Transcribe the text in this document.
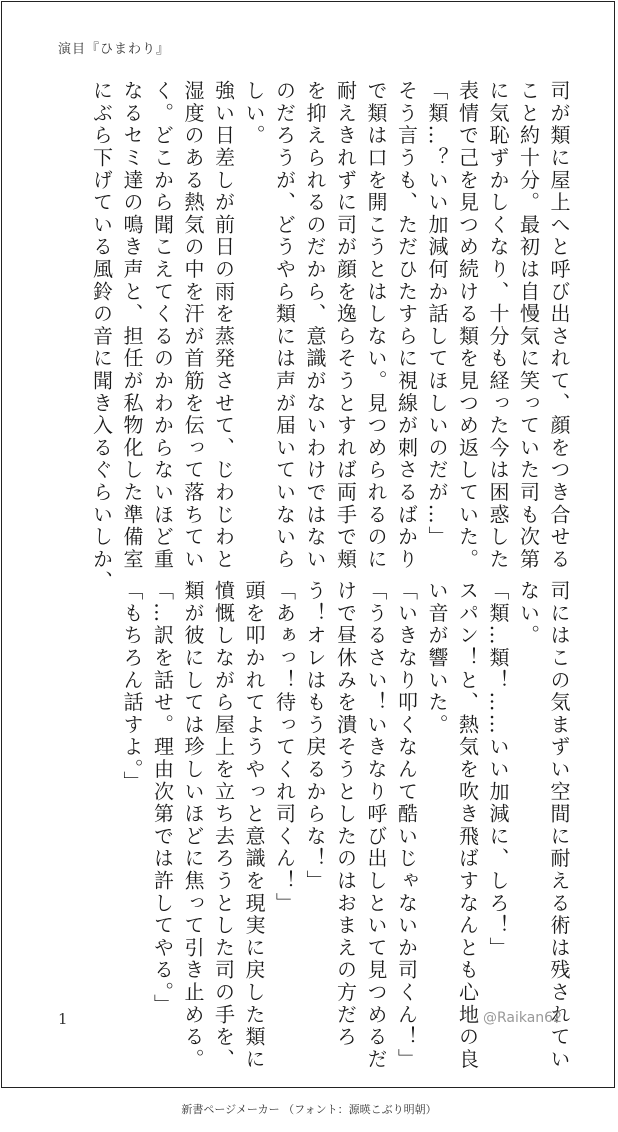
演目『ひまわり』

司が類に屋上へと呼び出されて、顔をつき合せる

こと約十分。最初は自慢気に笑っていた司も次第

に気恥ずかしくなり、十分も経った今は困惑した

表情で己を見つめ続ける類を見つめ返していた。

「類…？いい加減何か話してほしいのだが…」

そう言うも、ただひたすらに視線が刺さるばかり

で類は口を開こうとはしない。見つめられるのに

耐えきれずに司が顔を逸らそうとすれば両手で頬

を抑えられるのだから、意識がないわけではない

のだろうが、どうやら類には声が届いていないら

しい。

強い日差しが前日の雨を蒸発させて、じわじわと

湿度のある熱気の中を汗が首筋を伝って落ちてい

く。どこから聞こえてくるのかわからないほど重

なるセミ達の鳴き声と、担任が私物化した準備室

にぶら下げている風鈴の音に聞き入るぐらいしか、

司にはこの気まずい空間に耐える術は残されてい

ない。

「類…類！……いい加減に、しろ！」

スパン！と、熱気を吹き飛ばすなんとも心地の良

い音が響いた。

「いきなり叩くなんて酷いじゃないか司くん！」

「うるさい！いきなり呼び出しといて見つめるだ

けで昼休みを潰そうとしたのはおまえの方だろ

う！オレはもう戻るからな！」

「あぁっ！待ってくれ司くん！」

頭を叩かれてようやっと意識を現実に戻した類に

憤慨しながら屋上を立ち去ろうとした司の手を、

類が彼にしては珍しいほどに焦って引き止める。

「…訳を話せ。理由次第では許してやる。」

「もちろん話すよ。」

1	@Raikan62
新書ページメーカー （フォント：源暎こぶり明朝）
